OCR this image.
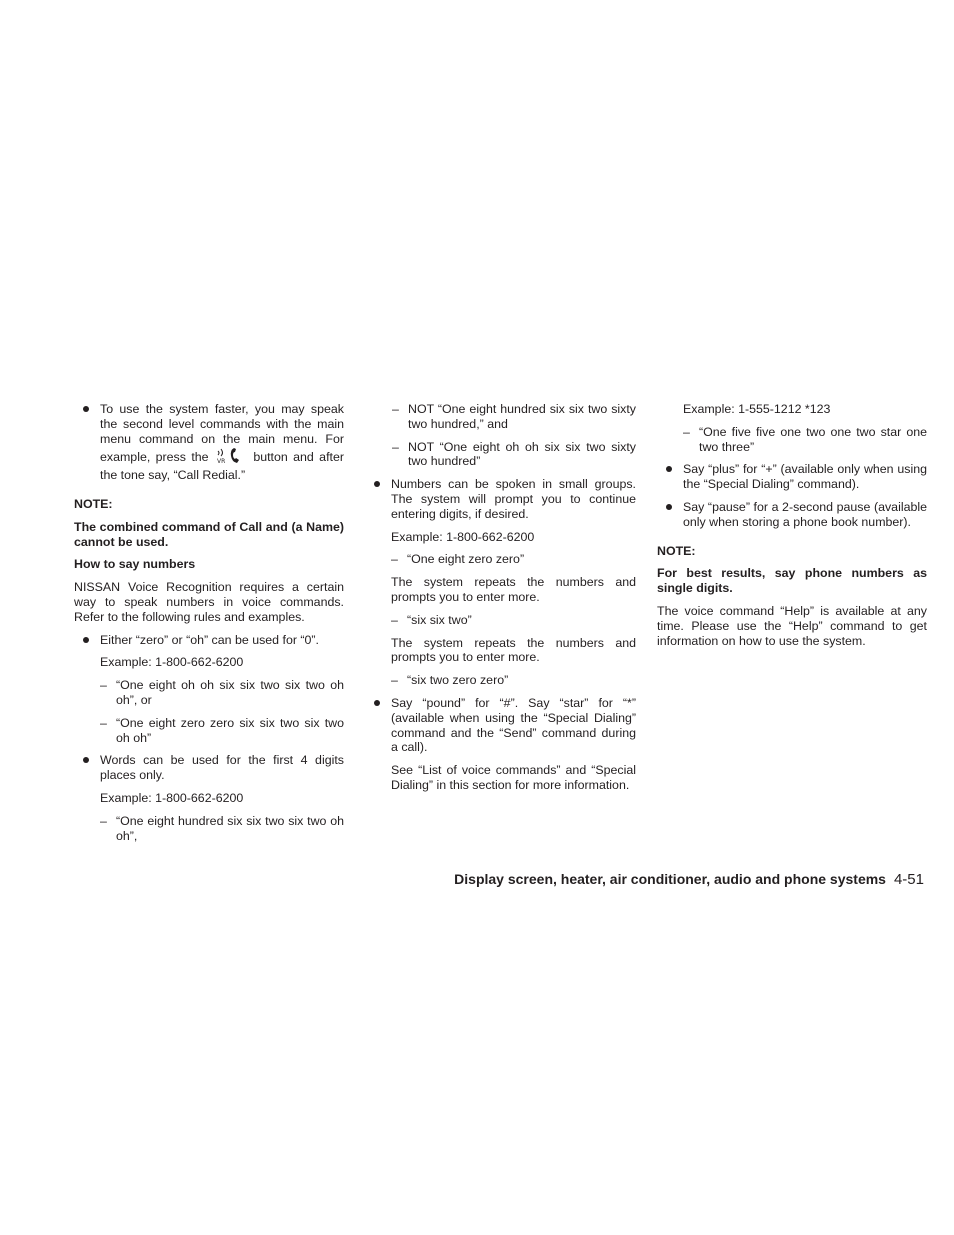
To use the system faster, you may speak the second level commands with the main menu command on the main menu. For example, press the VR button and after the tone say, “Call Redial.”

NOTE:

The combined command of Call and (a Name) cannot be used.

How to say numbers

NISSAN Voice Recognition requires a certain way to speak numbers in voice commands. Refer to the following rules and examples.

Either “zero” or “oh” can be used for “0”.

Example: 1-800-662-6200

– “One eight oh oh six six two six two oh oh”, or
– “One eight zero zero six six two six two oh oh”
Words can be used for the first 4 digits places only.

Example: 1-800-662-6200

– “One eight hundred six six two six two oh oh”,
– NOT “One eight hundred six six two sixty two hundred,” and
– NOT “One eight oh oh six six two sixty two hundred”
Numbers can be spoken in small groups. The system will prompt you to continue entering digits, if desired.

Example: 1-800-662-6200

– “One eight zero zero”

The system repeats the numbers and prompts you to enter more.

– “six six two”

The system repeats the numbers and prompts you to enter more.

– “six two zero zero”
Say “pound” for “#”. Say “star” for “*” (available when using the “Special Dialing” command and the “Send” command during a call).

See “List of voice commands” and “Special Dialing” in this section for more information.

Example: 1-555-1212 *123

– “One five five one two one two star one two three”
Say “plus” for “+” (available only when using the “Special Dialing” command).
Say “pause” for a 2-second pause (available only when storing a phone book number).

NOTE:

For best results, say phone numbers as single digits.

The voice command “Help” is available at any time. Please use the “Help” command to get information on how to use the system.

Display screen, heater, air conditioner, audio and phone systems 4-51
